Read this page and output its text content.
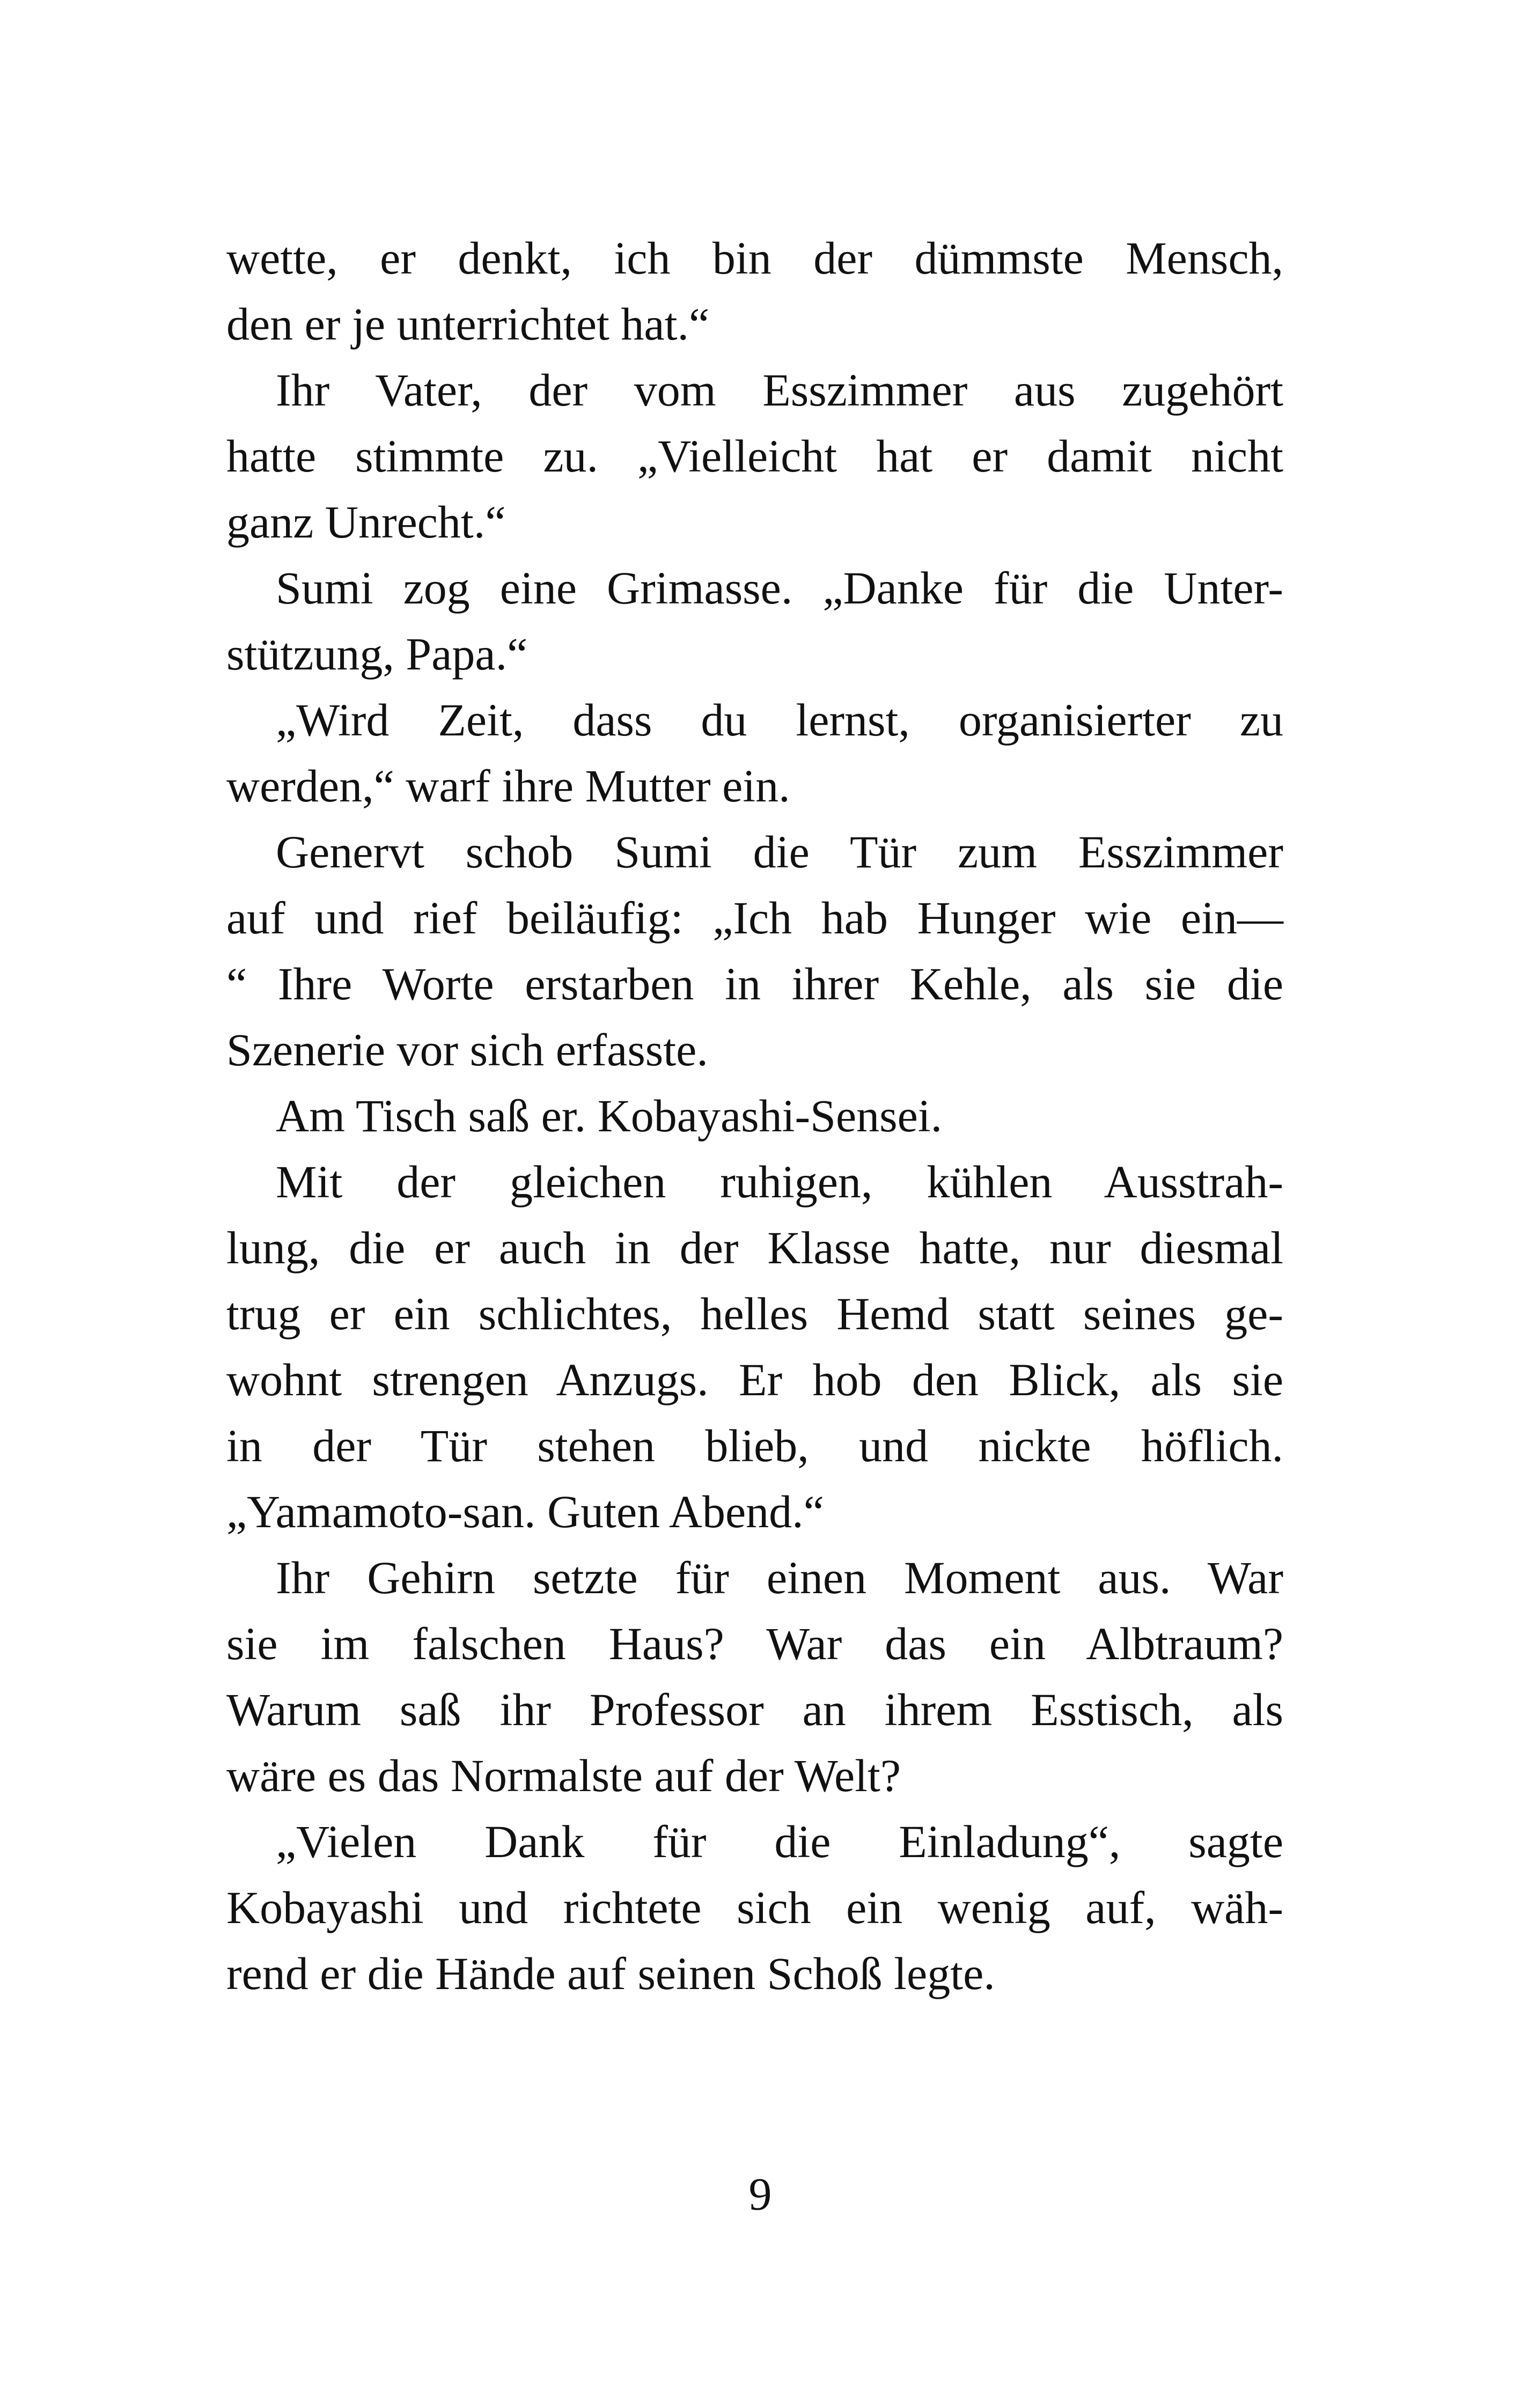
wette, er denkt, ich bin der dümmste Mensch,
den er je unterrichtet hat.“
Ihr Vater, der vom Esszimmer aus zugehört
hatte stimmte zu. „Vielleicht hat er damit nicht
ganz Unrecht.“
Sumi zog eine Grimasse. „Danke für die Unter-
stützung, Papa.“
„Wird Zeit, dass du lernst, organisierter zu
werden,“ warf ihre Mutter ein.
Genervt schob Sumi die Tür zum Esszimmer
auf und rief beiläufig: „Ich hab Hunger wie ein—
“ Ihre Worte erstarben in ihrer Kehle, als sie die
Szenerie vor sich erfasste.
Am Tisch saß er. Kobayashi-Sensei.
Mit der gleichen ruhigen, kühlen Ausstrah-
lung, die er auch in der Klasse hatte, nur diesmal
trug er ein schlichtes, helles Hemd statt seines ge-
wohnt strengen Anzugs. Er hob den Blick, als sie
in der Tür stehen blieb, und nickte höflich.
„Yamamoto-san. Guten Abend.“
Ihr Gehirn setzte für einen Moment aus. War
sie im falschen Haus? War das ein Albtraum?
Warum saß ihr Professor an ihrem Esstisch, als
wäre es das Normalste auf der Welt?
„Vielen Dank für die Einladung“, sagte
Kobayashi und richtete sich ein wenig auf, wäh-
rend er die Hände auf seinen Schoß legte.
9
